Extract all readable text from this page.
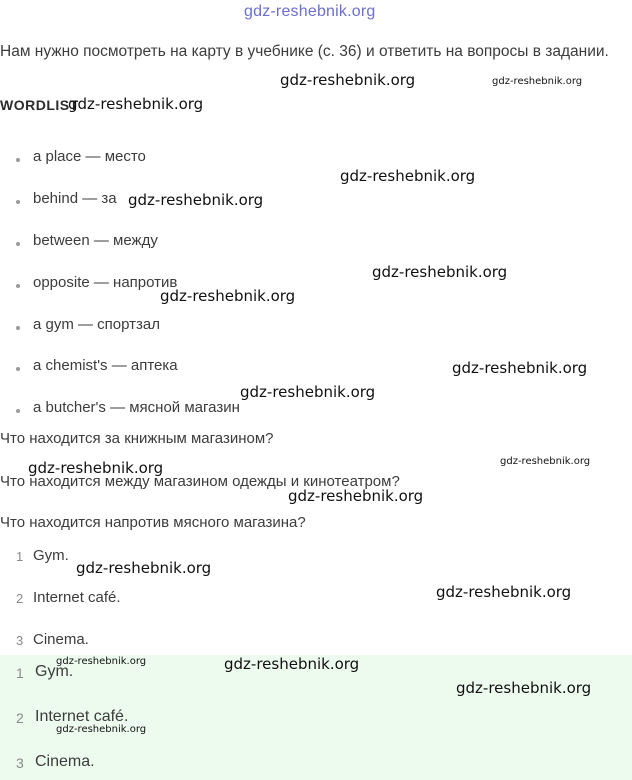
gdz-reshebnik.org
Нам нужно посмотреть на карту в учебнике (с. 36) и ответить на вопросы в задании.
WORDLIST
a place — место
behind — за
between — между
opposite — напротив
a gym — спортзал
a chemist's — аптека
a butcher's — мясной магазин
Что находится за книжным магазином?
Что находится между магазином одежды и кинотеатром?
Что находится напротив мясного магазина?
1 Gym.
2 Internet café.
3 Cinema.
1 Gym.
2 Internet café.
3 Cinema.
gdz-reshebnik.org	gdz-reshebnik.org
gdz-reshebnik.org
gdz-reshebnik.org
gdz-reshebnik.org
gdz-reshebnik.org
gdz-reshebnik.org
gdz-reshebnik.org
gdz-reshebnik.org
gdz-reshebnik.org
gdz-reshebnik.org
gdz-reshebnik.org
gdz-reshebnik.org
gdz-reshebnik.org
gdz-reshebnik.org	gdz-reshebnik.org
gdz-reshebnik.org
gdz-reshebnik.org
